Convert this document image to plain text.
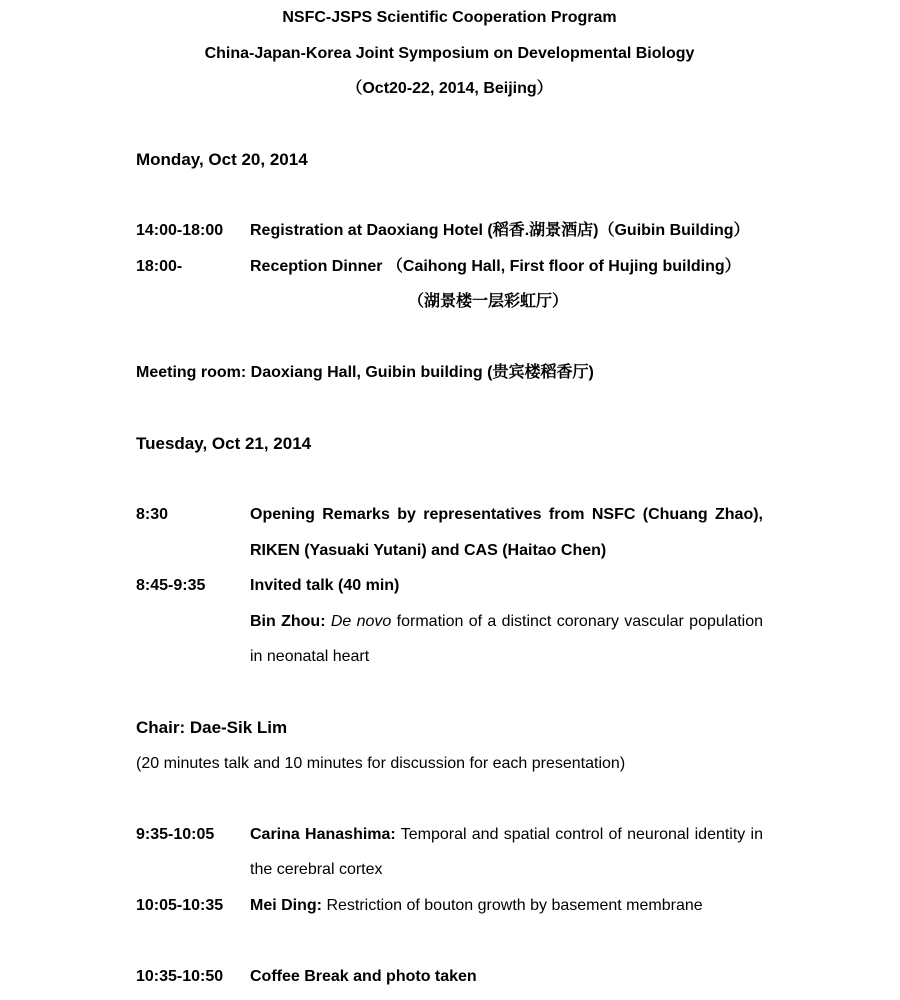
NSFC-JSPS Scientific Cooperation Program
China-Japan-Korea Joint Symposium on Developmental Biology
（Oct20-22, 2014, Beijing）
Monday, Oct 20, 2014
14:00-18:00	Registration at Daoxiang Hotel (稻香.湖景酒店)（Guibin Building）
18:00-	Reception Dinner （Caihong Hall, First floor of Hujing building）
（湖景楼一层彩虹厅）
Meeting room: Daoxiang Hall, Guibin building (贵宾楼稻香厅)
Tuesday, Oct 21, 2014
8:30	Opening Remarks by representatives from NSFC (Chuang Zhao), RIKEN (Yasuaki Yutani) and CAS (Haitao Chen)
8:45-9:35	Invited talk (40 min)
Bin Zhou: De novo formation of a distinct coronary vascular population in neonatal heart
Chair: Dae-Sik Lim
(20 minutes talk and 10 minutes for discussion for each presentation)
9:35-10:05	Carina Hanashima: Temporal and spatial control of neuronal identity in the cerebral cortex
10:05-10:35	Mei Ding: Restriction of bouton growth by basement membrane
10:35-10:50	Coffee Break and photo taken
